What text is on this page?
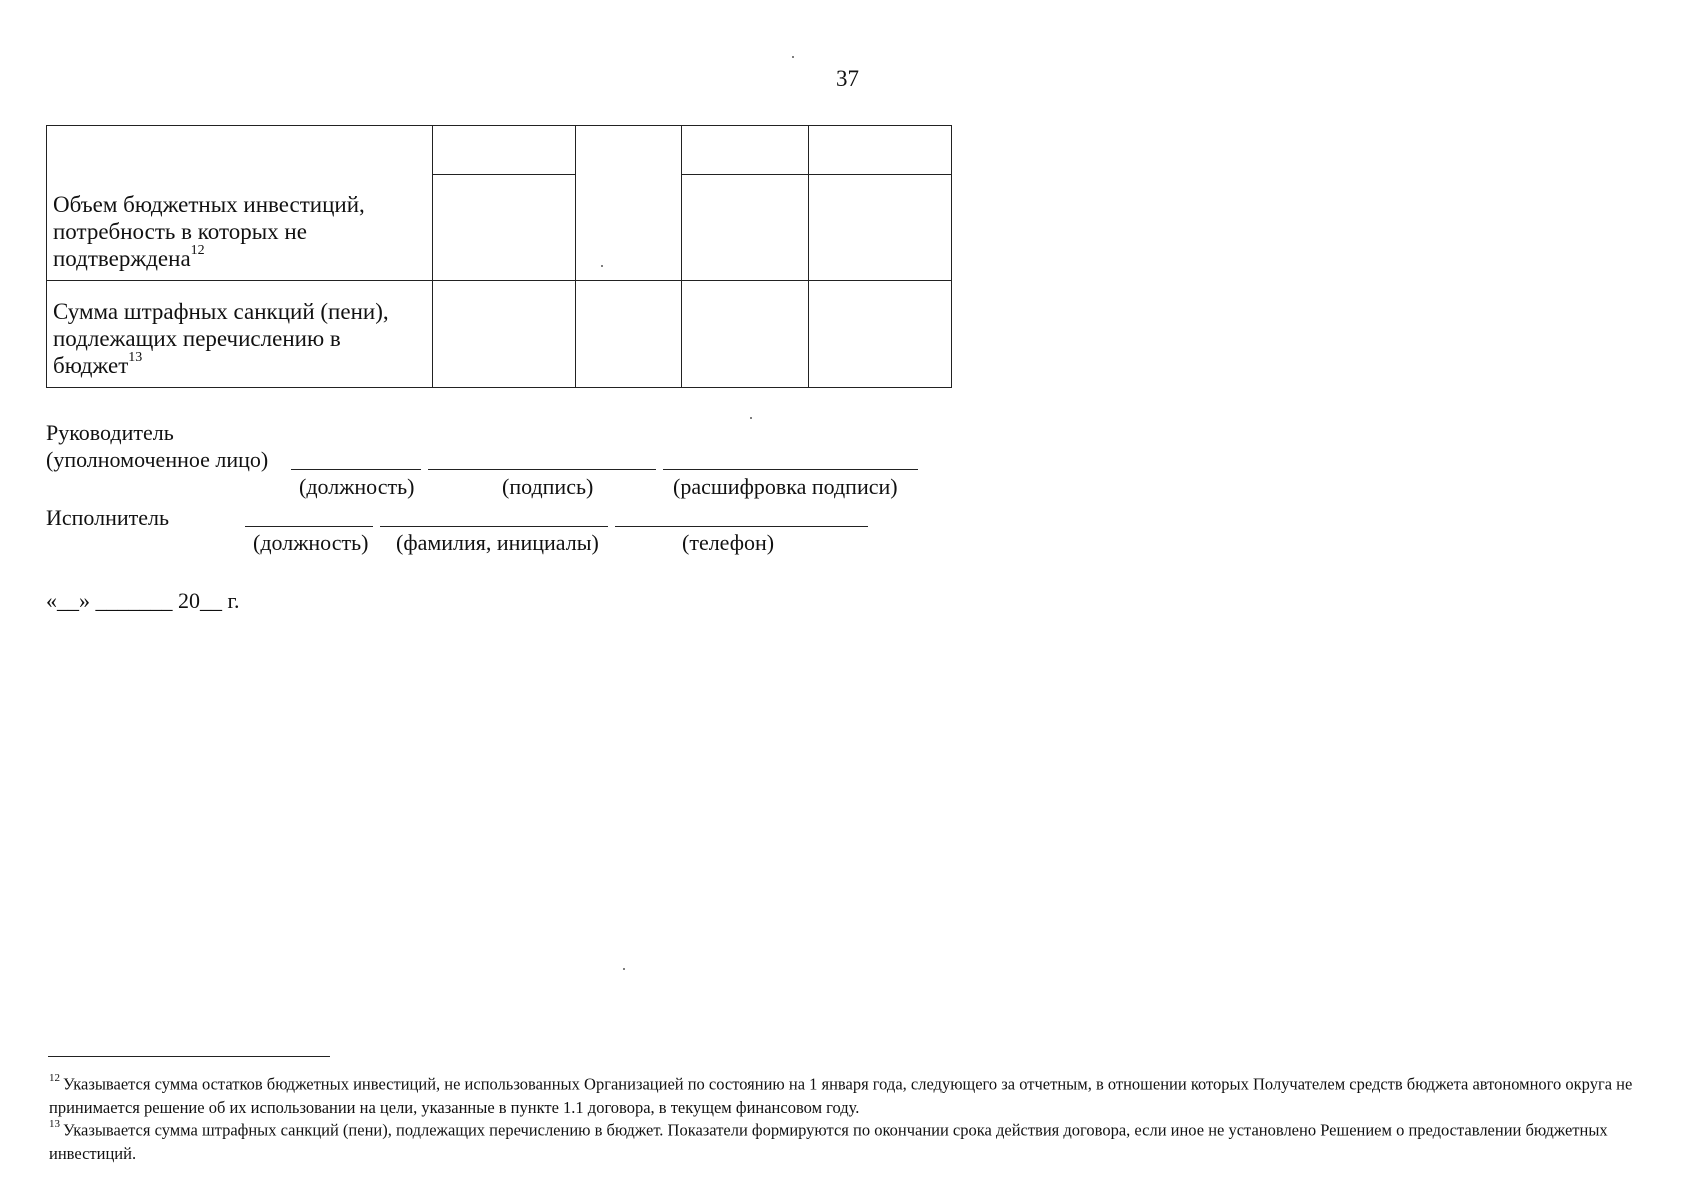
37
Объем бюджетных инвестиций, потребность в которых не подтверждена$^{12}$				

Сумма штрафных санкций (пени), подлежащих перечислению в бюджет$^{13}$				
Руководитель
(уполномоченное лицо)
(должность)	(подпись)	(расшифровка подписи)
Исполнитель
(должность) (фамилия, инициалы)	(телефон)
«__» _______ 20__ г.
$^{12}$ Указывается сумма остатков бюджетных инвестиций, не использованных Организацией по состоянию на 1 января года, следующего за отчетным, в отношении которых Получателем средств бюджета автономного округа не принимается решение об их использовании на цели, указанные в пункте 1.1 договора, в текущем финансовом году.
$^{13}$ Указывается сумма штрафных санкций (пени), подлежащих перечислению в бюджет. Показатели формируются по окончании срока действия договора, если иное не установлено Решением о предоставлении бюджетных инвестиций.
